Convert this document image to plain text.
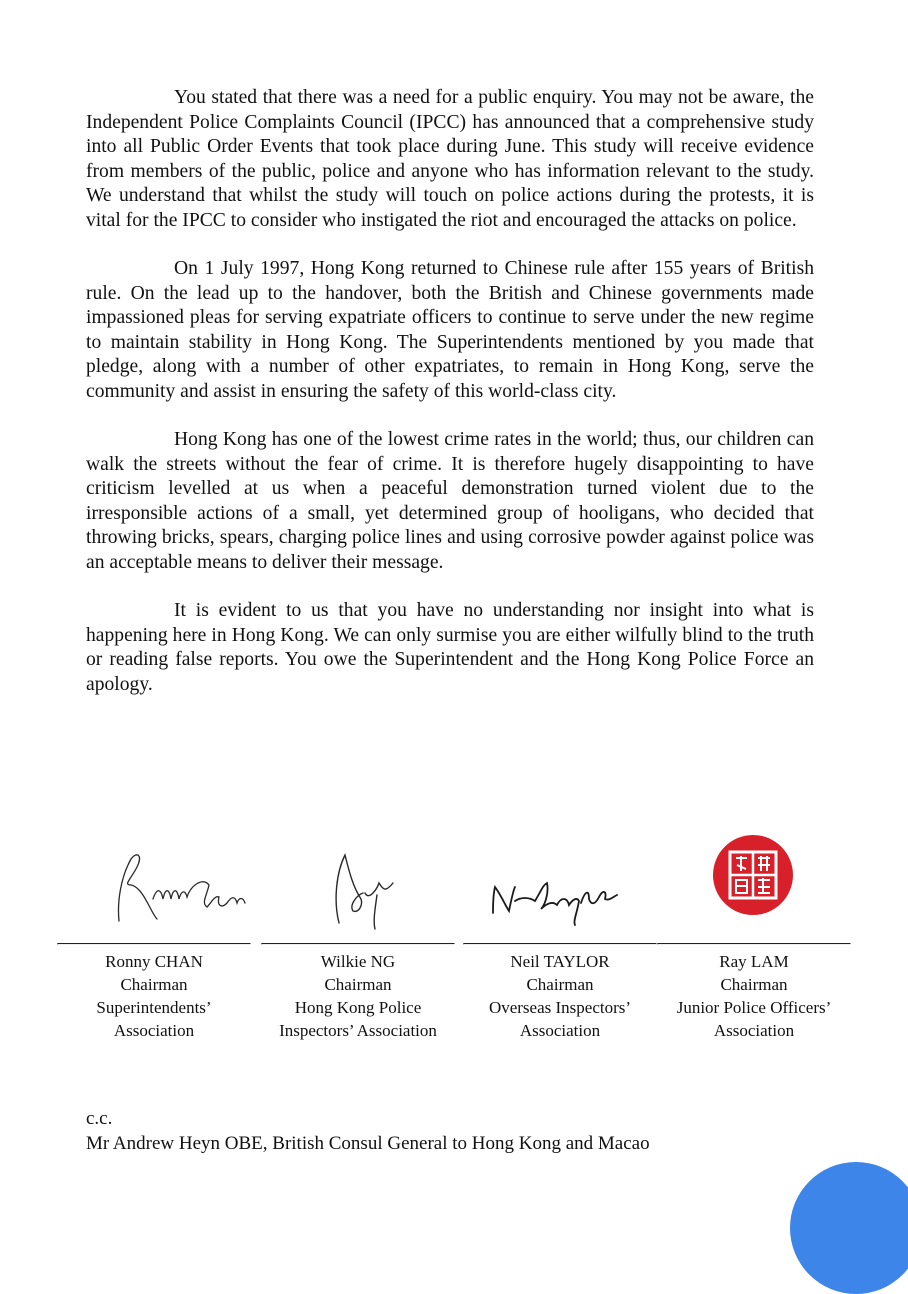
You stated that there was a need for a public enquiry. You may not be aware, the Independent Police Complaints Council (IPCC) has announced that a comprehensive study into all Public Order Events that took place during June. This study will receive evidence from members of the public, police and anyone who has information relevant to the study. We understand that whilst the study will touch on police actions during the protests, it is vital for the IPCC to consider who instigated the riot and encouraged the attacks on police.

On 1 July 1997, Hong Kong returned to Chinese rule after 155 years of British rule. On the lead up to the handover, both the British and Chinese governments made impassioned pleas for serving expatriate officers to continue to serve under the new regime to maintain stability in Hong Kong. The Superintendents mentioned by you made that pledge, along with a number of other expatriates, to remain in Hong Kong, serve the community and assist in ensuring the safety of this world-class city.

Hong Kong has one of the lowest crime rates in the world; thus, our children can walk the streets without the fear of crime. It is therefore hugely disappointing to have criticism levelled at us when a peaceful demonstration turned violent due to the irresponsible actions of a small, yet determined group of hooligans, who decided that throwing bricks, spears, charging police lines and using corrosive powder against police was an acceptable means to deliver their message.

It is evident to us that you have no understanding nor insight into what is happening here in Hong Kong. We can only surmise you are either wilfully blind to the truth or reading false reports. You owe the Superintendent and the Hong Kong Police Force an apology.

Ronny CHAN
Chairman
Superintendents’
Association
Wilkie NG
Chairman
Hong Kong Police
Inspectors’ Association
Neil TAYLOR
Chairman
Overseas Inspectors’
Association
Ray LAM
Chairman
Junior Police Officers’
Association
c.c.
Mr Andrew Heyn OBE, British Consul General to Hong Kong and Macao
